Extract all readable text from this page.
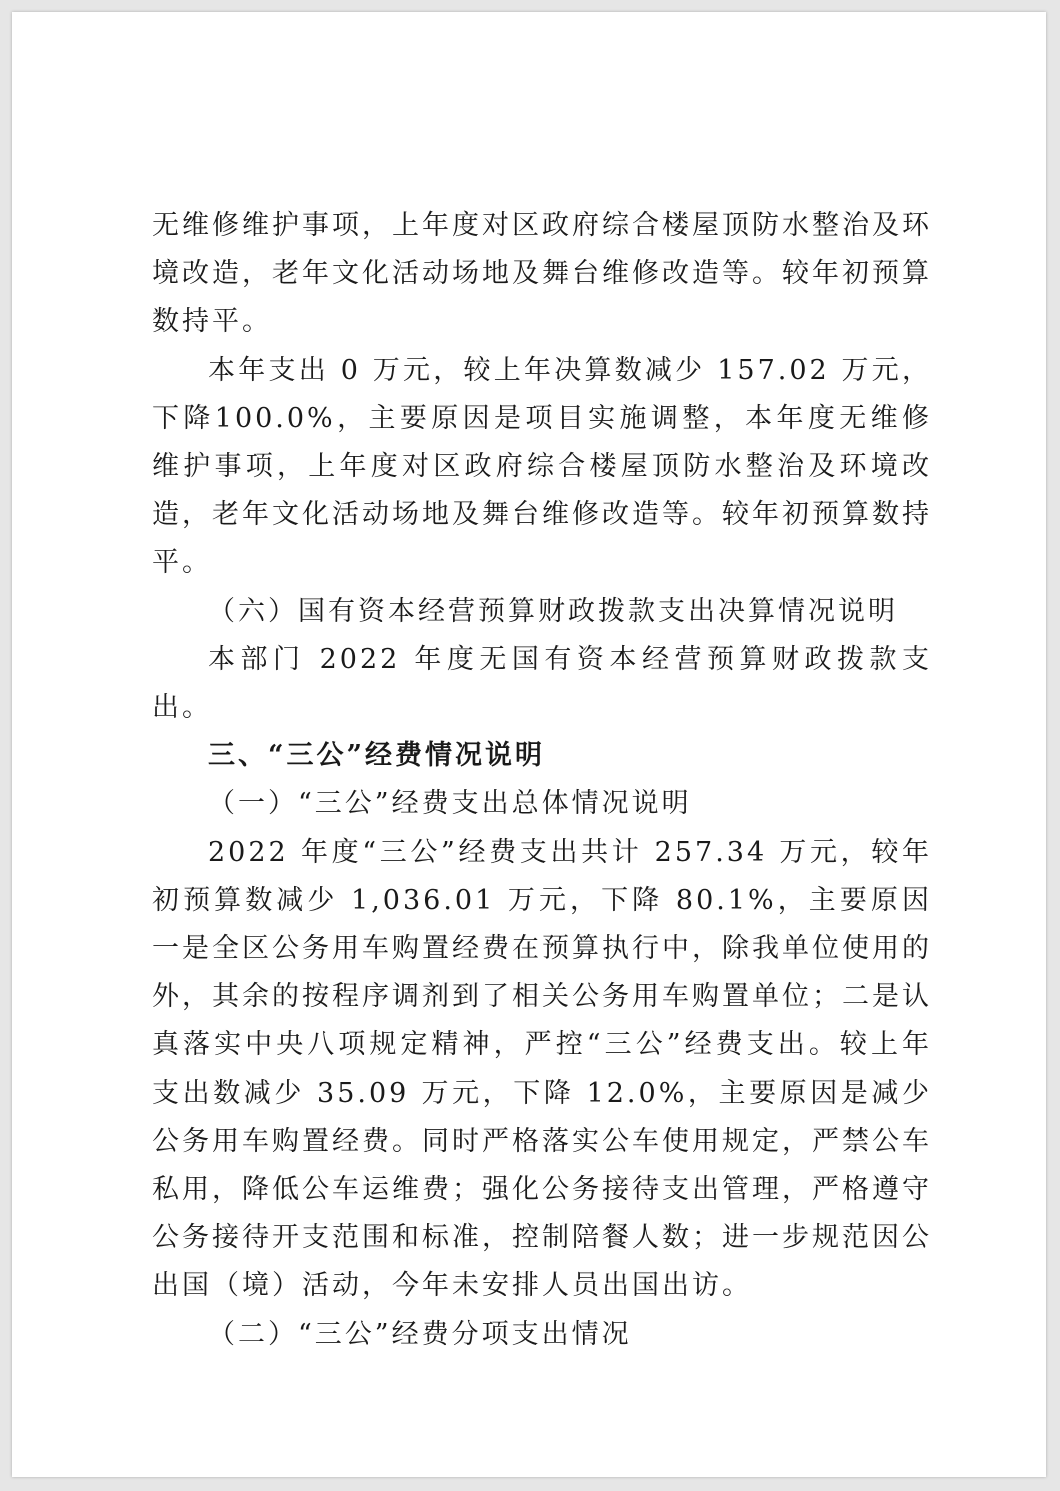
无维修维护事项，上年度对区政府综合楼屋顶防水整治及环境改造，老年文化活动场地及舞台维修改造等。较年初预算数持平。

本年支出 0 万元，较上年决算数减少 157.02 万元，下降100.0%，主要原因是项目实施调整，本年度无维修维护事项，上年度对区政府综合楼屋顶防水整治及环境改造，老年文化活动场地及舞台维修改造等。较年初预算数持平。

（六）国有资本经营预算财政拨款支出决算情况说明

本部门 2022 年度无国有资本经营预算财政拨款支出。

三、“三公”经费情况说明

（一）“三公”经费支出总体情况说明

2022 年度“三公”经费支出共计 257.34 万元，较年初预算数减少 1,036.01 万元，下降 80.1%，主要原因一是全区公务用车购置经费在预算执行中，除我单位使用的外，其余的按程序调剂到了相关公务用车购置单位；二是认真落实中央八项规定精神，严控“三公”经费支出。较上年支出数减少 35.09 万元，下降 12.0%，主要原因是减少公务用车购置经费。同时严格落实公车使用规定，严禁公车私用，降低公车运维费；强化公务接待支出管理，严格遵守公务接待开支范围和标准，控制陪餐人数；进一步规范因公出国（境）活动，今年未安排人员出国出访。

（二）“三公”经费分项支出情况
